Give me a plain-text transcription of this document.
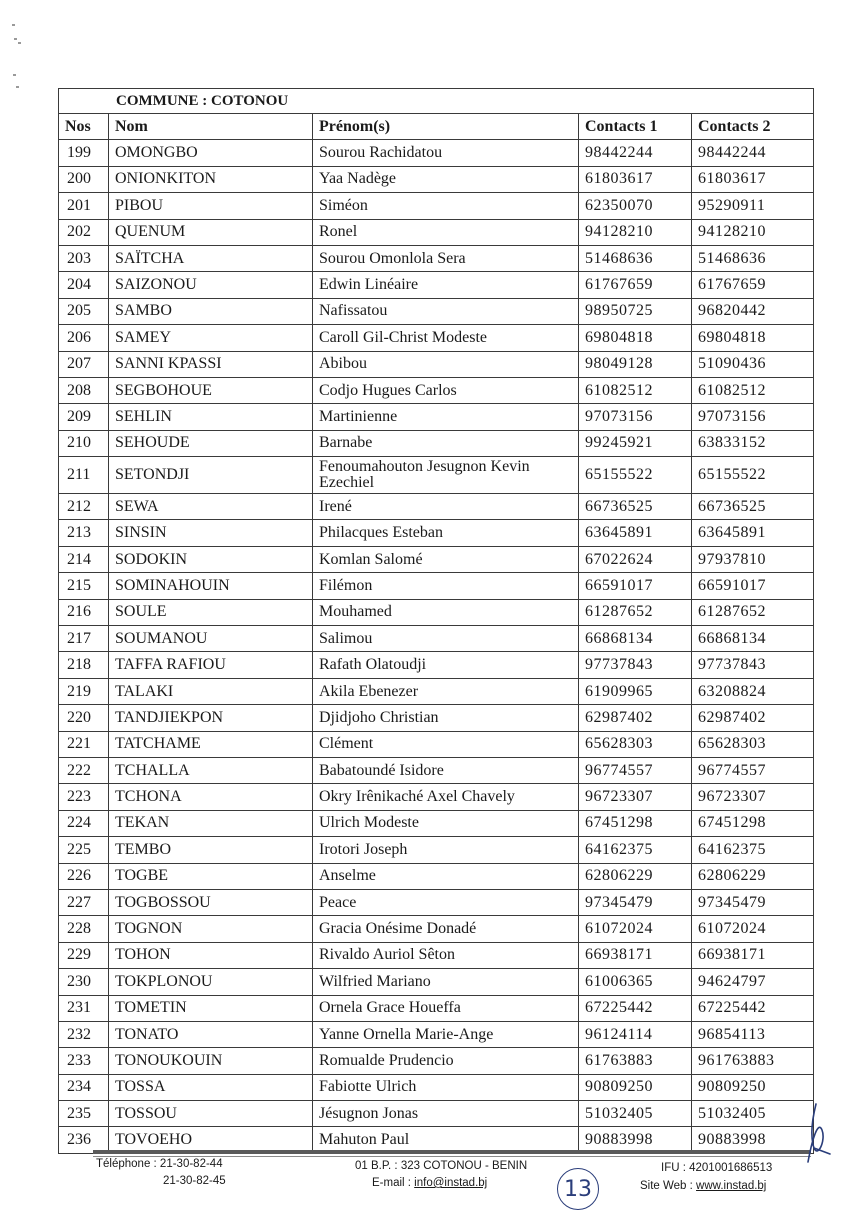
COMMUNE : COTONOU				
Nos	Nom	Prénom(s)	Contacts 1	Contacts 2
199	OMONGBO	Sourou Rachidatou	98442244	98442244
200	ONIONKITON	Yaa Nadège	61803617	61803617
201	PIBOU	Siméon	62350070	95290911
202	QUENUM	Ronel	94128210	94128210
203	SAÏTCHA	Sourou Omonlola Sera	51468636	51468636
204	SAIZONOU	Edwin Linéaire	61767659	61767659
205	SAMBO	Nafissatou	98950725	96820442
206	SAMEY	Caroll Gil-Christ Modeste	69804818	69804818
207	SANNI KPASSI	Abibou	98049128	51090436
208	SEGBOHOUE	Codjo Hugues Carlos	61082512	61082512
209	SEHLIN	Martinienne	97073156	97073156
210	SEHOUDE	Barnabe	99245921	63833152
211	SETONDJI	Fenoumahouton Jesugnon Kevin Ezechiel	65155522	65155522
212	SEWA	Irené	66736525	66736525
213	SINSIN	Philacques Esteban	63645891	63645891
214	SODOKIN	Komlan Salomé	67022624	97937810
215	SOMINAHOUIN	Filémon	66591017	66591017
216	SOULE	Mouhamed	61287652	61287652
217	SOUMANOU	Salimou	66868134	66868134
218	TAFFA RAFIOU	Rafath Olatoudji	97737843	97737843
219	TALAKI	Akila Ebenezer	61909965	63208824
220	TANDJIEKPON	Djidjoho Christian	62987402	62987402
221	TATCHAME	Clément	65628303	65628303
222	TCHALLA	Babatoundé Isidore	96774557	96774557
223	TCHONA	Okry Irênikaché Axel Chavely	96723307	96723307
224	TEKAN	Ulrich Modeste	67451298	67451298
225	TEMBO	Irotori Joseph	64162375	64162375
226	TOGBE	Anselme	62806229	62806229
227	TOGBOSSOU	Peace	97345479	97345479
228	TOGNON	Gracia Onésime Donadé	61072024	61072024
229	TOHON	Rivaldo Auriol Sêton	66938171	66938171
230	TOKPLONOU	Wilfried Mariano	61006365	94624797
231	TOMETIN	Ornela Grace Houeffa	67225442	67225442
232	TONATO	Yanne Ornella Marie-Ange	96124114	96854113
233	TONOUKOUIN	Romualde Prudencio	61763883	961763883
234	TOSSA	Fabiotte Ulrich	90809250	90809250
235	TOSSOU	Jésugnon Jonas	51032405	51032405
236	TOVOEHO	Mahuton Paul	90883998	90883998
Téléphone : 21-30-82-44
21-30-82-45
01 B.P. : 323 COTONOU - BENIN
E-mail : info@instad.bj	13
IFU : 4201001686513
Site Web : www.instad.bj
